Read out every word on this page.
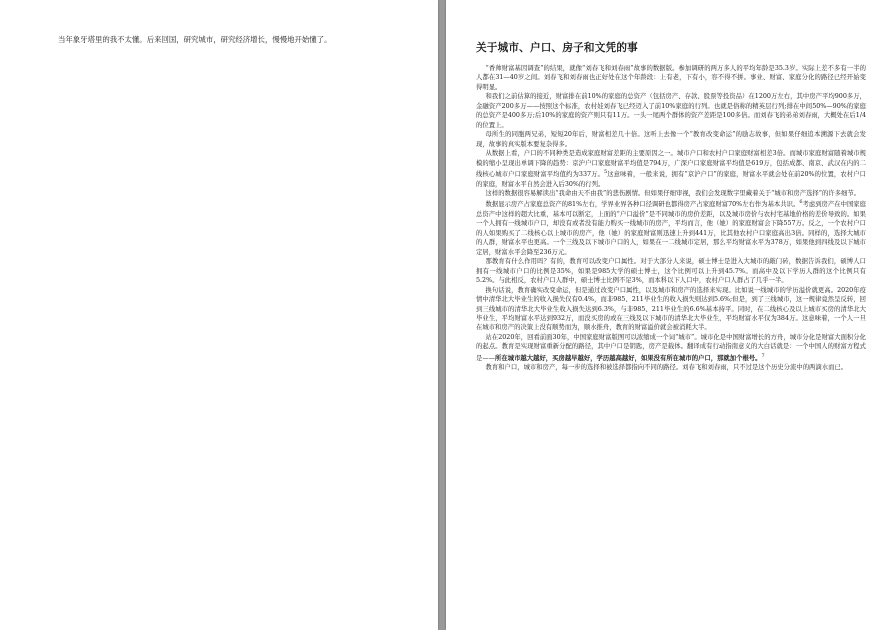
当年象牙塔里的我不太懂。后来回国，研究城市，研究经济增长，慢慢地开始懂了。

关于城市、户口、房子和文凭的事

“香帅财富基因调查”的结果，就像“刘春飞和刘春雨”故事的数据版。参加调研的两万多人的平均年龄是35.3岁。实际上差不多有一半的人都在31—40岁之间。刘春飞和刘春雨也正好处在这个年龄段：上有老，下有小，容不得不拼。事业、财富、家庭分化的路径已经开始变得明显。

和我们之前估算的接近，财富排在前10%的家庭的总资产（包括房产、存款、股票等投资品）在1200万左右，其中房产平均900多万，金融资产200多万——按照这个标准，农村娃刘春飞已经迈入了前10%家庭的行列。也就是俗称的精英层行列;排在中间50%—90%的家庭的总资产是400多万;后10%的家庭的资产则只有11万。一头一尾两个群体的资产差距是100多倍。而刘春飞的弟弟刘春雨，大概处在后1/4的位置上。

母所生的同胞两兄弟，短短20年后，财富相差几十倍。这听上去像一个“教育改变命运”的励志故事，但如果仔细追本溯源下去就会发现，故事的真实版本要复杂得多。

从数据上看，户口的不同种类是造成家庭财富差距的主要原因之一。城市户口和农村户口家庭财富相差3倍。而城市家庭财富随着城市规模的缩小呈现出单调下降的趋势：京沪户口家庭财富平均值是794万，广深户口家庭财富平均值是619万，包括成都、南京、武汉在内的二线核心城市户口家庭财富平均值约为337万。$^5$这意味着，一般来说，拥有“京沪户口”的家庭，财富水平就会处在前20%的位置，农村户口的家庭，财富水平自然会进入后30%的行列。

这样的数据很容易解读出“我命由天不由我”的悲伤剧情。但如果仔细审视，我们会发现数字里藏着关于“城市和房产选择”的许多细节。

数据显示房产占家庭总资产的81%左右，学界业界各种口径调研也都得房产占家庭财富70%左右作为基本共识。$^6$考虑到房产在中国家庭总资产中这样的超大比重，基本可以断定，上面的“户口溢价”是不同城市的房价差距，以及城市房价与农村宅基地价格的差价导致的。如果一个人拥有一线城市户口，却没有或者没有能力购买一线城市的房产，平均而言，他（她）的家庭财富会下降557万。反之，一个农村户口的人如果购买了二线核心以上城市的房产，他（她）的家庭财富则迅速上升到441万，比其他农村户口家庭高出3倍。同样的，选择大城市的人群，财富水平也更高。一个三线及以下城市户口的人，如果在一二线城市定居，那么平均财富水平为378万，如果他到四线及以下城市定居，财富水平会降至236万元。

那教育有什么作用吗？有的，教育可以改变户口属性。对于大部分人来说，硕士博士是进入大城市的敲门砖，数据告诉我们，硕博人口拥有一线城市户口的比例是35%，如果是985大学的硕士博士，这个比例可以上升到45.7%。而高中及以下学历人群的这个比例只有5.2%。与此相反，农村户口人群中，硕士博士比例不足3%，而本科以下人口中，农村户口人群占了几乎一半。

换句话说，教育确实改变命运，但是通过改变户口属性，以及城市和房产的选择来实现。比如说一线城市的学历溢价就更高。2020年疫情中清华北大毕业生的收入损失仅有0.4%，而非985、211毕业生的收入损失则达到5.6%;但是，到了三线城市，这一规律竟然呈反转，回到三线城市的清华北大毕业生收入损失达到6.3%，与非985、211毕业生的6.6%基本持平。同时，在二线核心及以上城市买房的清华北大毕业生，平均财富水平达到932万，而没买房的或在三线及以下城市的清华北大毕业生，平均财富水平仅为384万。这意味着，一个人一旦在城市和房产的决策上没有顺势而为，顺水推舟，教育的财富溢价就会被消耗大半。

站在2020年，回看前面30年，中国家庭财富版图可以浓缩成一个词“城市”。城市化是中国财富增长的方舟，城市分化是财富大面积分化的起点。教育是实现财富重新分配的路径，其中户口是钥匙，房产是载体。翻译成有行动指南意义的大白话就是：一个中国人的财富方程式是——所在城市越大越好，买房越早越好，学历越高越好，如果没有所在城市的户口，那就加个根号。$^7$

教育和户口，城市和房产，每一步的选择和被选择都指向不同的路径。刘春飞和刘春雨，只不过是这个历史分流中的两滴水而已。
